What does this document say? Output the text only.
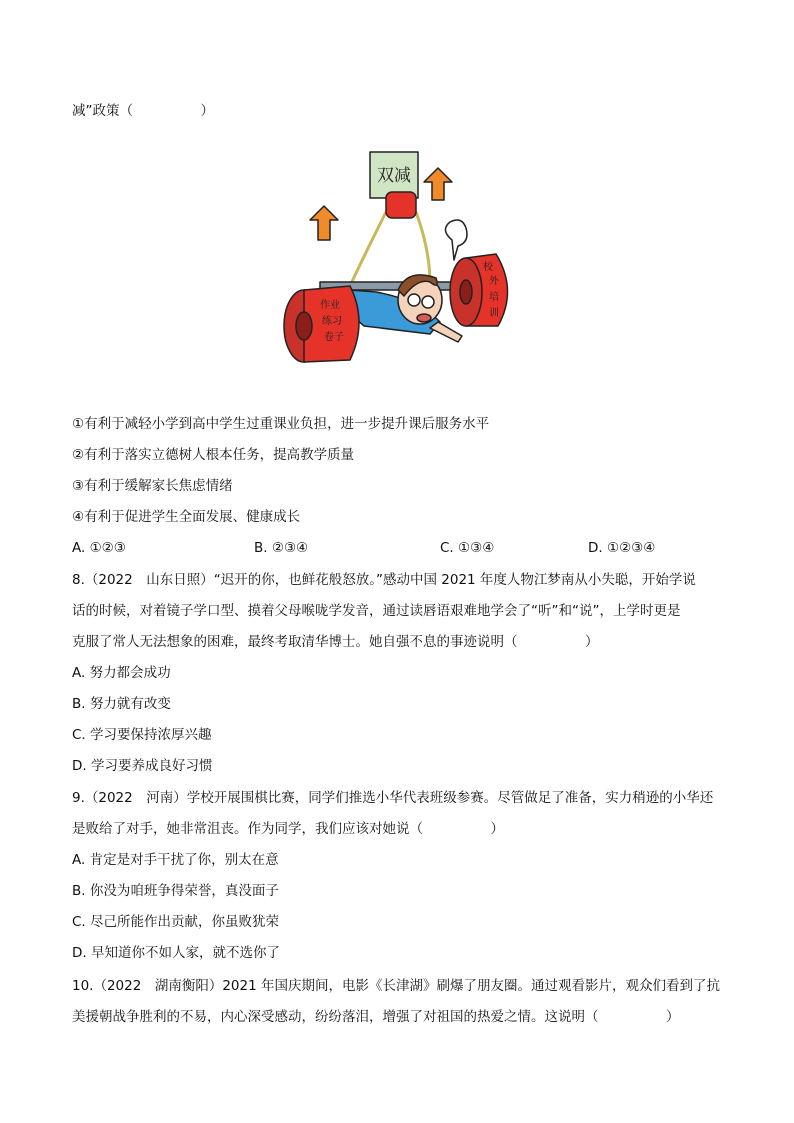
减”政策（　　　　　）
双减
作业
练习
卷子
校
外
培
训
①有利于减轻小学到高中学生过重课业负担，进一步提升课后服务水平
②有利于落实立德树人根本任务，提高教学质量
③有利于缓解家长焦虑情绪
④有利于促进学生全面发展、健康成长
A. ①②③	B. ②③④	C. ①③④	D. ①②③④
8.（2022　山东日照）“迟开的你，也鲜花般怒放。”感动中国 2021 年度人物江梦南从小失聪，开始学说
话的时候，对着镜子学口型、摸着父母喉咙学发音，通过读唇语艰难地学会了“听”和“说”，上学时更是
克服了常人无法想象的困难，最终考取清华博士。她自强不息的事迹说明（　　　　　）
A. 努力都会成功
B. 努力就有改变
C. 学习要保持浓厚兴趣
D. 学习要养成良好习惯
9.（2022　河南）学校开展围棋比赛，同学们推选小华代表班级参赛。尽管做足了准备，实力稍逊的小华还
是败给了对手，她非常沮丧。作为同学，我们应该对她说（　　　　　）
A. 肯定是对手干扰了你，别太在意
B. 你没为咱班争得荣誉，真没面子
C. 尽己所能作出贡献，你虽败犹荣
D. 早知道你不如人家，就不选你了
10.（2022　湖南衡阳）2021 年国庆期间，电影《长津湖》刷爆了朋友圈。通过观看影片，观众们看到了抗
美援朝战争胜利的不易，内心深受感动，纷纷落泪，增强了对祖国的热爱之情。这说明（　　　　　）
